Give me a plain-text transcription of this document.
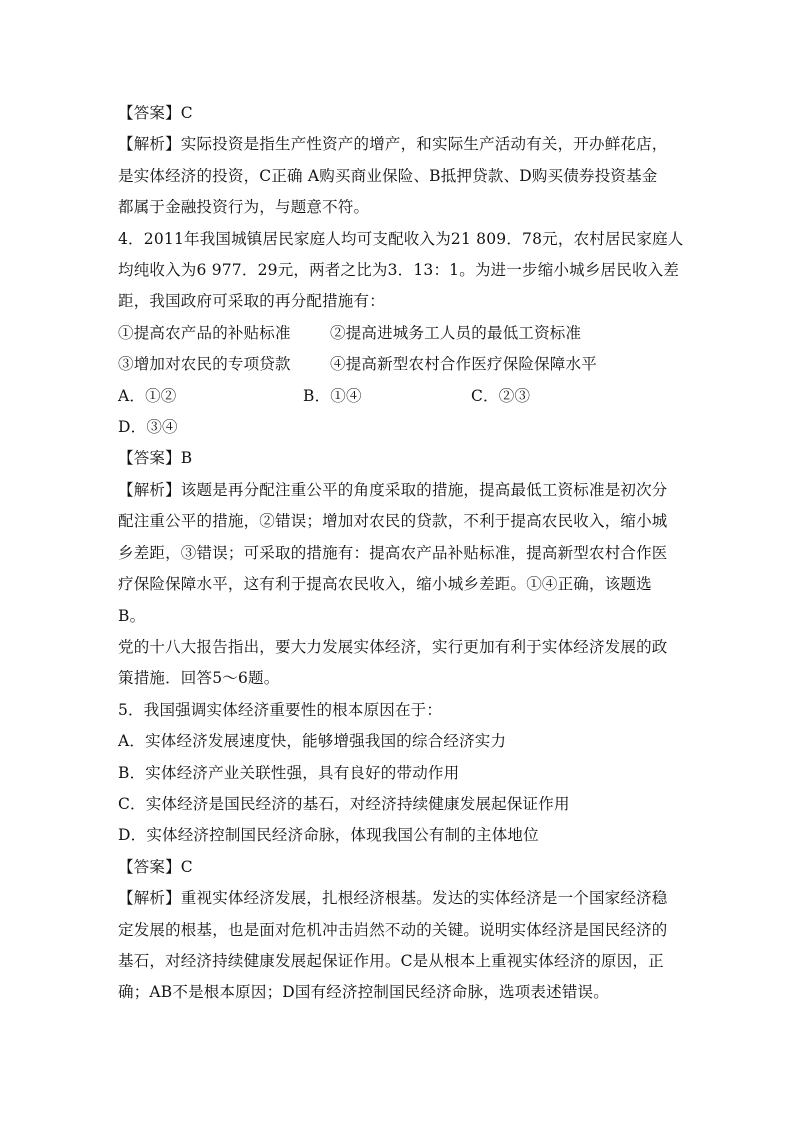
【答案】C
【解析】实际投资是指生产性资产的增产，和实际生产活动有关，开办鲜花店，
是实体经济的投资，C正确 A购买商业保险、B抵押贷款、D购买债券投资基金
都属于金融投资行为，与题意不符。
4．2011年我国城镇居民家庭人均可支配收入为21 809．78元，农村居民家庭人
均纯收入为6 977．29元，两者之比为3．13：1。为进一步缩小城乡居民收入差
距，我国政府可采取的再分配措施有：
①提高农产品的补贴标准	②提高进城务工人员的最低工资标准
③增加对农民的专项贷款	④提高新型农村合作医疗保险保障水平
A．①②	B．①④	C．②③
D．③④
【答案】B
【解析】该题是再分配注重公平的角度采取的措施，提高最低工资标准是初次分
配注重公平的措施，②错误；增加对农民的贷款，不利于提高农民收入，缩小城
乡差距，③错误；可采取的措施有：提高农产品补贴标准，提高新型农村合作医
疗保险保障水平，这有利于提高农民收入，缩小城乡差距。①④正确，该题选
B。
党的十八大报告指出，要大力发展实体经济，实行更加有利于实体经济发展的政
策措施．回答5～6题。
5．我国强调实体经济重要性的根本原因在于：
A．实体经济发展速度快，能够增强我国的综合经济实力
B．实体经济产业关联性强，具有良好的带动作用
C．实体经济是国民经济的基石，对经济持续健康发展起保证作用
D．实体经济控制国民经济命脉，体现我国公有制的主体地位
【答案】C
【解析】重视实体经济发展，扎根经济根基。发达的实体经济是一个国家经济稳
定发展的根基，也是面对危机冲击岿然不动的关键。说明实体经济是国民经济的
基石，对经济持续健康发展起保证作用。C是从根本上重视实体经济的原因，正
确；AB不是根本原因；D国有经济控制国民经济命脉，选项表述错误。
